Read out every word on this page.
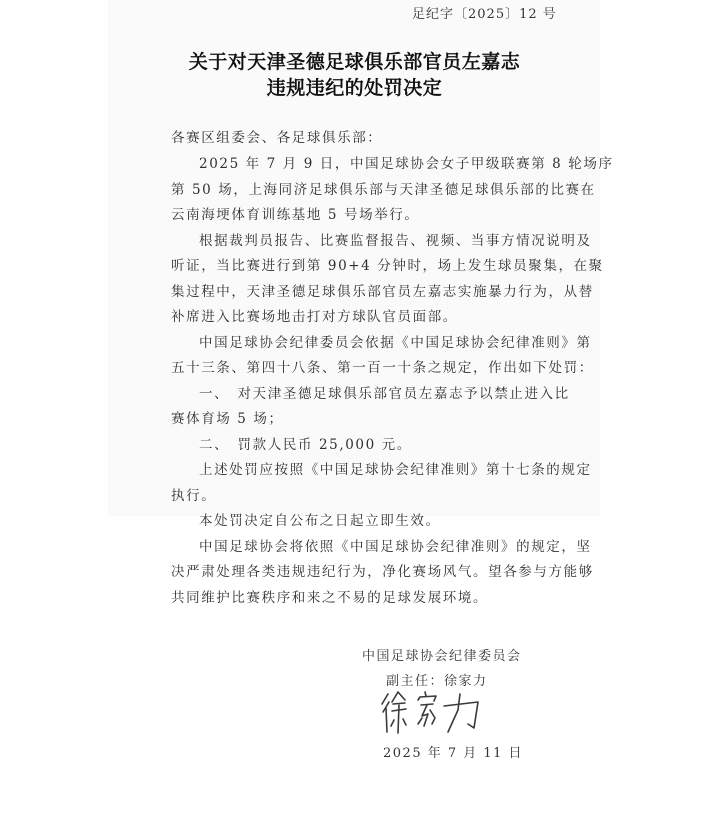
足纪字〔2025〕12 号
关于对天津圣德足球俱乐部官员左嘉志
违规违纪的处罚决定
各赛区组委会、各足球俱乐部：
2025 年 7 月 9 日，中国足球协会女子甲级联赛第 8 轮场序
第 50 场，上海同济足球俱乐部与天津圣德足球俱乐部的比赛在
云南海埂体育训练基地 5 号场举行。
根据裁判员报告、比赛监督报告、视频、当事方情况说明及
听证，当比赛进行到第 90+4 分钟时，场上发生球员聚集，在聚
集过程中，天津圣德足球俱乐部官员左嘉志实施暴力行为，从替
补席进入比赛场地击打对方球队官员面部。
中国足球协会纪律委员会依据《中国足球协会纪律准则》第
五十三条、第四十八条、第一百一十条之规定，作出如下处罚：
一、　对天津圣德足球俱乐部官员左嘉志予以禁止进入比
赛体育场 5 场；
二、　罚款人民币 25,000 元。
上述处罚应按照《中国足球协会纪律准则》第十七条的规定
执行。
本处罚决定自公布之日起立即生效。
中国足球协会将依照《中国足球协会纪律准则》的规定，坚
决严肃处理各类违规违纪行为，净化赛场风气。望各参与方能够
共同维护比赛秩序和来之不易的足球发展环境。
中国足球协会纪律委员会
副主任：徐家力
2025 年 7 月 11 日
